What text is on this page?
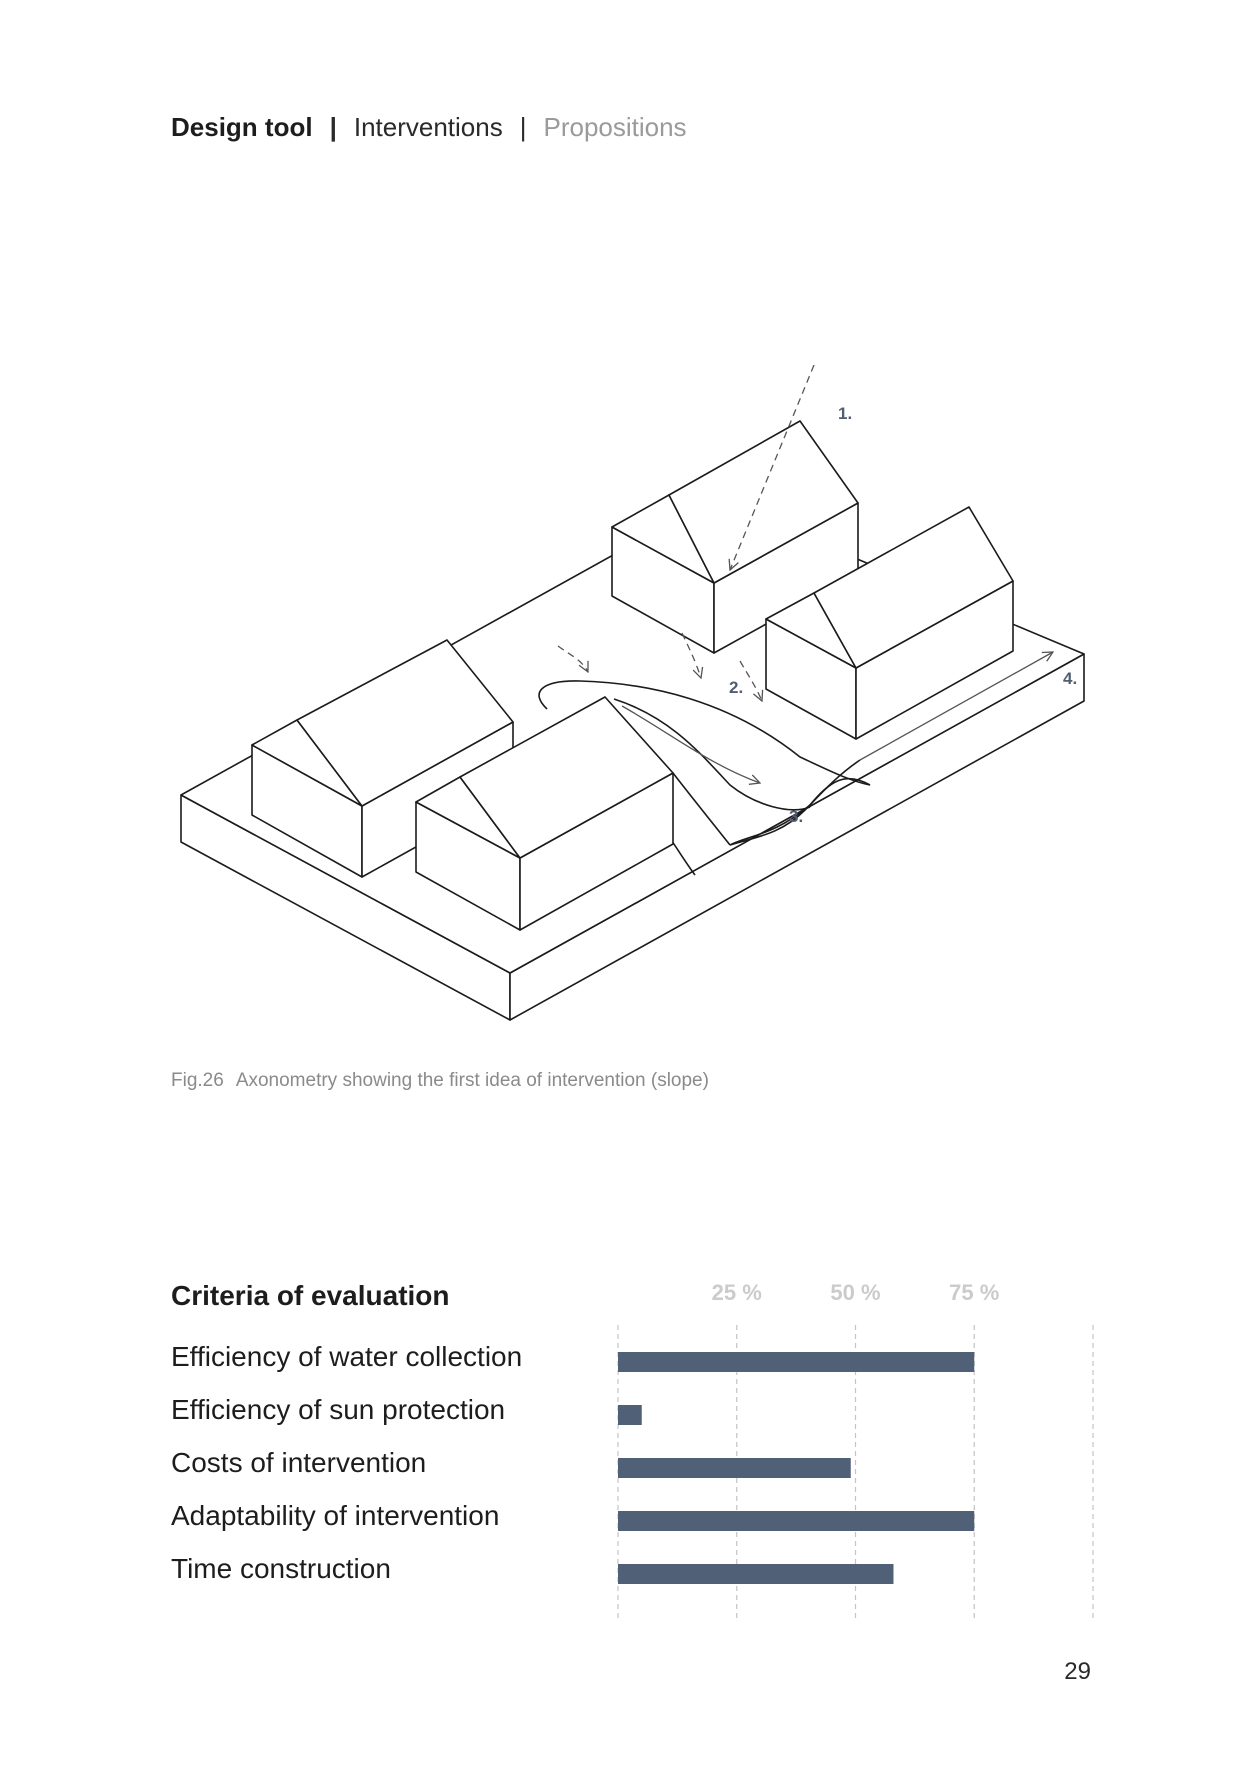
Design tool | Interventions | Propositions
1.
2.
3.
4.
Fig.26 Axonometry showing the first idea of intervention (slope)
Criteria of evaluation
Efficiency of water collection
Efficiency of sun protection
Costs of intervention
Adaptability of intervention
Time construction
25 %	50 %	75 %
29
